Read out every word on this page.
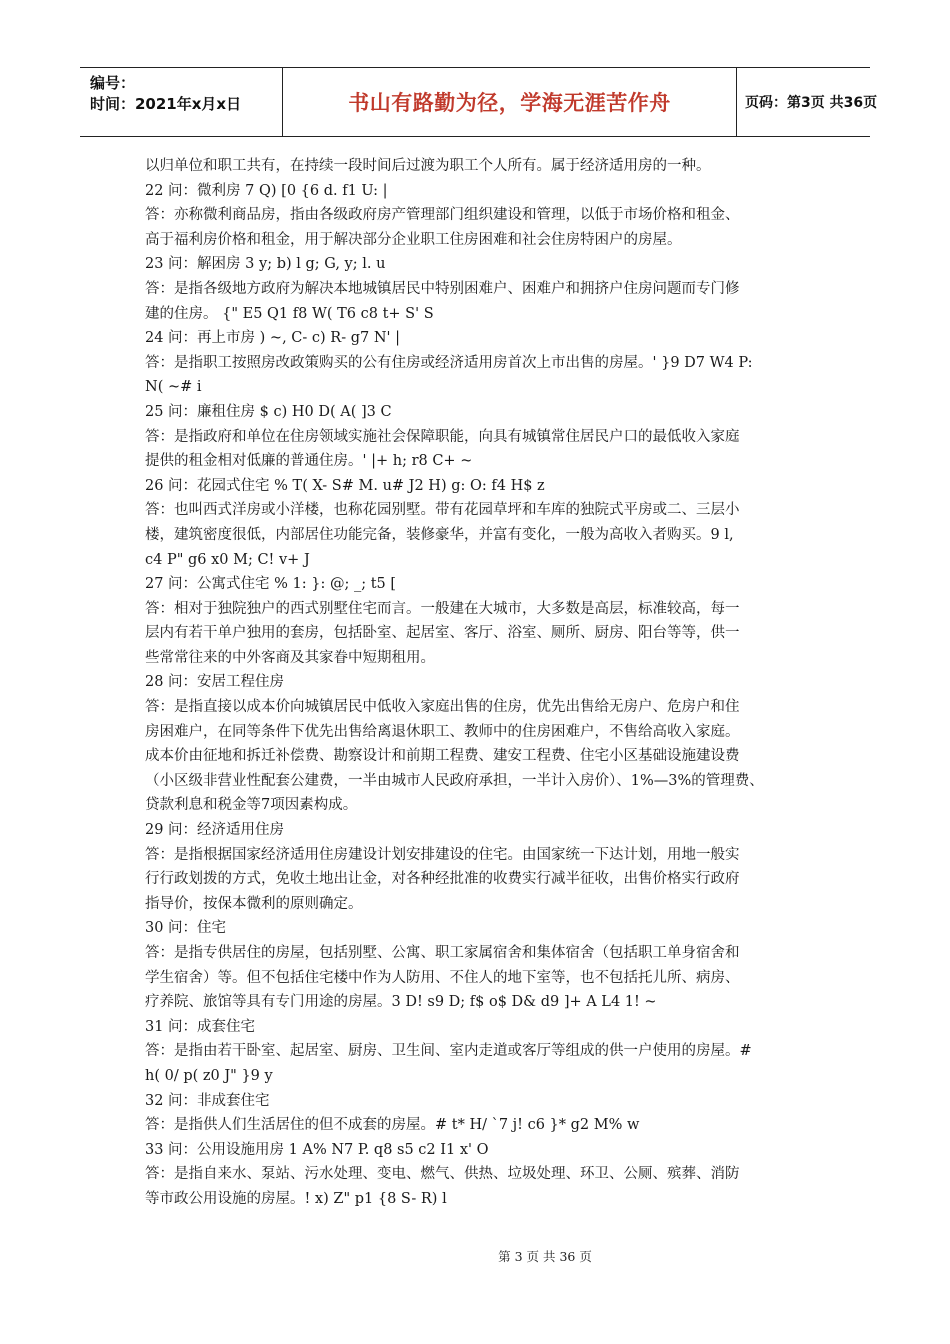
编号：
时间：2021年x月x日	书山有路勤为径，学海无涯苦作舟	页码：第3页 共36页
以归单位和职工共有，在持续一段时间后过渡为职工个人所有。属于经济适用房的一种。
22 问：微利房 7 Q) [0 {6 d. f1 U: |
答：亦称微利商品房，指由各级政府房产管理部门组织建设和管理，以低于市场价格和租金、
高于福利房价格和租金，用于解决部分企业职工住房困难和社会住房特困户的房屋。
23 问：解困房 3 y; b) l g; G, y; l. u
答：是指各级地方政府为解决本地城镇居民中特别困难户、困难户和拥挤户住房问题而专门修
建的住房。 {" E5 Q1 f8 W( T6 c8 t+ S' S
24 问：再上市房 ) ~, C- c) R- g7 N' |
答：是指职工按照房改政策购买的公有住房或经济适用房首次上市出售的房屋。' }9 D7 W4 P:
N( ~# i
25 问：廉租住房 $ c) H0 D( A( ]3 C
答：是指政府和单位在住房领域实施社会保障职能，向具有城镇常住居民户口的最低收入家庭
提供的租金相对低廉的普通住房。' |+ h; r8 C+ ~
26 问：花园式住宅 % T( X- S# M. u# J2 H) g: O: f4 H$ z
答：也叫西式洋房或小洋楼，也称花园别墅。带有花园草坪和车库的独院式平房或二、三层小
楼，建筑密度很低，内部居住功能完备，装修豪华，并富有变化，一般为高收入者购买。9 l,
c4 P" g6 x0 M; C! v+ J
27 问：公寓式住宅 % 1: }: @; _; t5 [
答：相对于独院独户的西式别墅住宅而言。一般建在大城市，大多数是高层，标准较高，每一
层内有若干单户独用的套房，包括卧室、起居室、客厅、浴室、厕所、厨房、阳台等等，供一
些常常往来的中外客商及其家眷中短期租用。
28 问：安居工程住房
答：是指直接以成本价向城镇居民中低收入家庭出售的住房，优先出售给无房户、危房户和住
房困难户，在同等条件下优先出售给离退休职工、教师中的住房困难户，不售给高收入家庭。
成本价由征地和拆迁补偿费、勘察设计和前期工程费、建安工程费、住宅小区基础设施建设费
（小区级非营业性配套公建费，一半由城市人民政府承担，一半计入房价）、1%—3%的管理费、
贷款利息和税金等7项因素构成。
29 问：经济适用住房
答：是指根据国家经济适用住房建设计划安排建设的住宅。由国家统一下达计划，用地一般实
行行政划拨的方式，免收土地出让金，对各种经批准的收费实行减半征收，出售价格实行政府
指导价，按保本微利的原则确定。
30 问：住宅
答：是指专供居住的房屋，包括别墅、公寓、职工家属宿舍和集体宿舍（包括职工单身宿舍和
学生宿舍）等。但不包括住宅楼中作为人防用、不住人的地下室等，也不包括托儿所、病房、
疗养院、旅馆等具有专门用途的房屋。3 D! s9 D; f$ o$ D& d9 ]+ A L4 1! ~
31 问：成套住宅
答：是指由若干卧室、起居室、厨房、卫生间、室内走道或客厅等组成的供一户使用的房屋。#
h( 0/ p( z0 J" }9 y
32 问：非成套住宅
答：是指供人们生活居住的但不成套的房屋。# t* H/ `7 j! c6 }* g2 M% w
33 问：公用设施用房 1 A% N7 P. q8 s5 c2 I1 x' O
答：是指自来水、泵站、污水处理、变电、燃气、供热、垃圾处理、环卫、公厕、殡葬、消防
等市政公用设施的房屋。! x) Z" p1 {8 S- R) l
第 3 页 共 36 页
